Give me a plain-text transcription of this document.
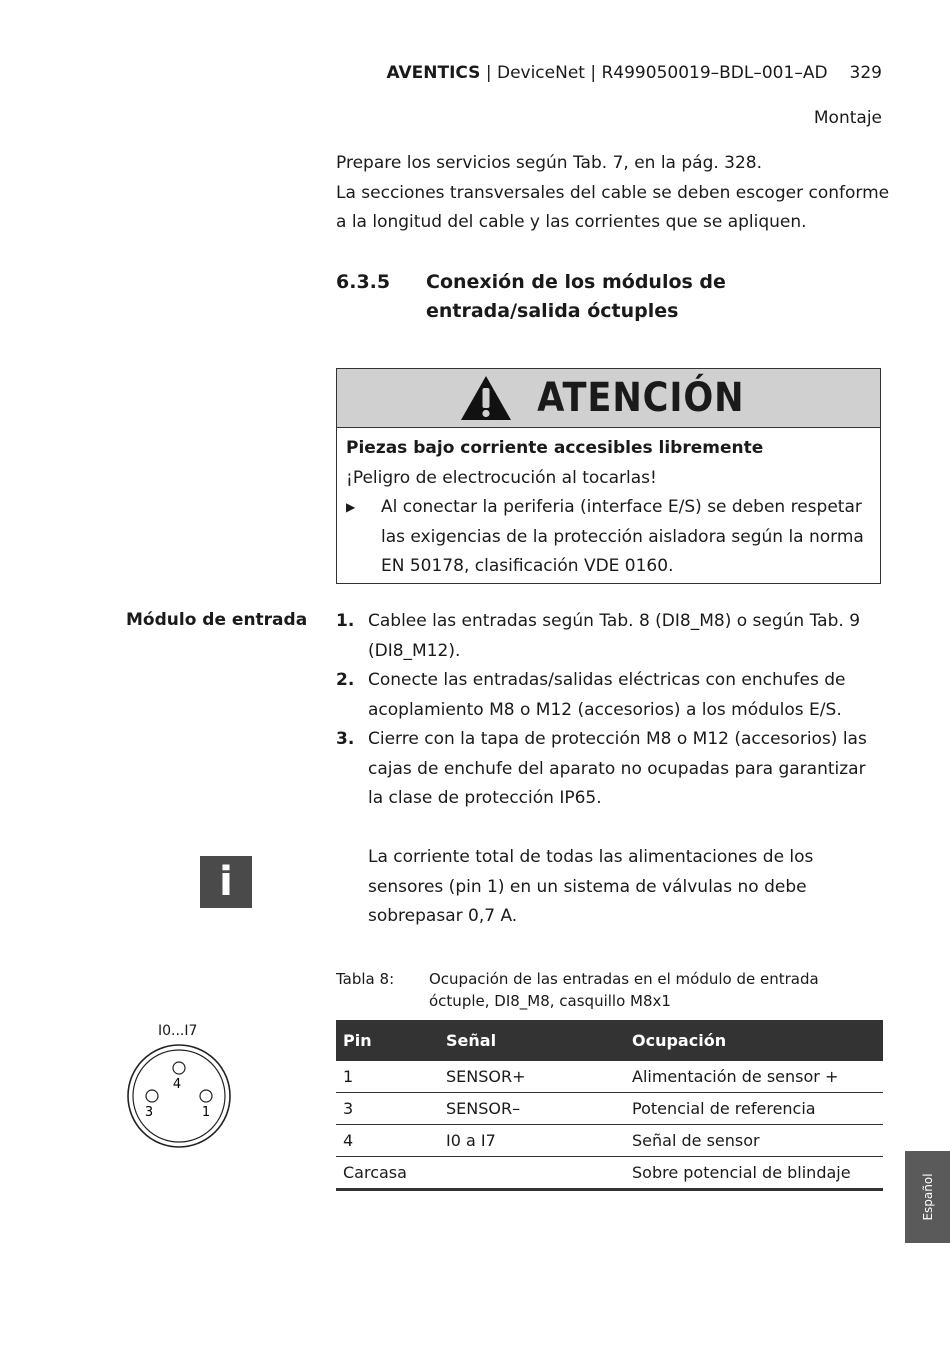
AVENTICS | DeviceNet | R499050019–BDL–001–AD 329
Montaje
Prepare los servicios según Tab. 7, en la pág. 328.
La secciones transversales del cable se deben escoger conforme a la longitud del cable y las corrientes que se apliquen.
6.3.5 Conexión de los módulos de entrada/salida óctuples
ATENCIÓN
Piezas bajo corriente accesibles libremente
¡Peligro de electrocución al tocarlas!
▶	Al conectar la periferia (interface E/S) se deben respetar las exigencias de la protección aisladora según la norma EN 50178, clasificación VDE 0160.
Módulo de entrada 1. Cablee las entradas según Tab. 8 (DI8_M8) o según Tab. 9 (DI8_M12).
2. Conecte las entradas/salidas eléctricas con enchufes de acoplamiento M8 o M12 (accesorios) a los módulos E/S.
3. Cierre con la tapa de protección M8 o M12 (accesorios) las cajas de enchufe del aparato no ocupadas para garantizar la clase de protección IP65.
i
La corriente total de todas las alimentaciones de los sensores (pin 1) en un sistema de válvulas no debe sobrepasar 0,7 A.
Tabla 8:	Ocupación de las entradas en el módulo de entrada óctuple, DI8_M8, casquillo M8x1
Pin	Señal	Ocupación
1	SENSOR+	Alimentación de sensor +
3	SENSOR–	Potencial de referencia
4	I0 a I7	Señal de sensor
Carcasa		Sobre potencial de blindaje
I0...I7
4
3	1
Español
